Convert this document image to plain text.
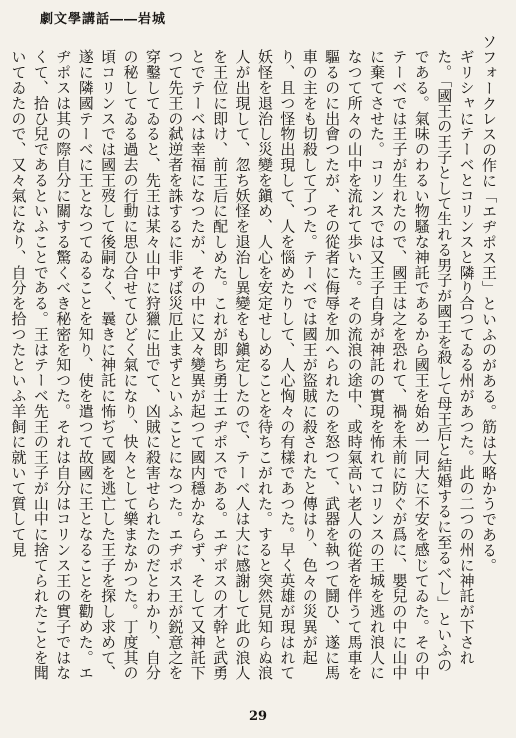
劇文學講話――岩城

ソフォークレスの作に「エヂポス王」といふのがある。筋は大略かうである。

ギリシャにテーベとコリンスと隣り合つてゐる州があつた。此の二つの州に神託が下された。「國王の王子として生れる男子が國王を殺して母王后と結婚するに至るべし」といふのである。氣味のわるい物騷な神託であるから國王を始め一同大に不安を感じてゐた。その中テーベでは王子が生れたので、國王は之を恐れて、禍を未前に防ぐが爲に、嬰兒の中に山中に棄てさせた。コリンスでは又王子自身が神託の實現を怖れてコリンスの王城を逃れ浪人になつて所々の山中を流れて歩いた。その流浪の途中、或時氣高い老人の從者を伴うて馬車を驅るのに出會つたが、その從者に侮辱を加へられたのを怒つて、武器を執つて鬪ひ、遂に馬車の主をも切殺して了つた。テーベでは國王が盜賊に殺されたと傳はり、色々の災異が起り、且つ怪物出現して、人を惱めたりして、人心恟々の有樣であつた。早く英雄が現はれて妖怪を退治し災變を鎭め、人心を安定せしめることを待ちこがれた。すると突然見知らぬ浪人が出現して、忽ち妖怪を退治し異變をも鎭定したので、テーベ人は大に感謝して此の浪人を王位に即け、前王后に配しめた。これが即ち勇士エヂポスである。エヂポスの才幹と武勇とでテーベは幸福になつたが、その中に又々變異が起つて國内穩かならず、そして又神託下つて先王の弑逆者を誅するに非ずば災厄止まずといふことになつた。エヂポス王が鋭意之を穿鑿してゐると、先王は某々山中に狩獵に出でて、凶賊に殺害せられたのだとわかり、自分の秘してゐる過去の行動に思ひ合せてひどく氣になり、快々として樂まなかつた。丁度其の頃コリンスでは國王歿して後嗣なく、曩きに神託に怖ぢて國を逃亡した王子を探し求めて、遂に隣國テーベに王となつてゐることを知り、使を遣つて故國に王となることを勸めた。エヂポスは其の際自分に關する驚くべき秘密を知つた。それは自分はコリンス王の實子ではなくて、拾ひ兒であるといふことである。王はテーベ先王の王子が山中に捨てられたことを聞いてゐたので、又々氣になり、自分を拾つたといふ羊飼に就いて質して見

29
